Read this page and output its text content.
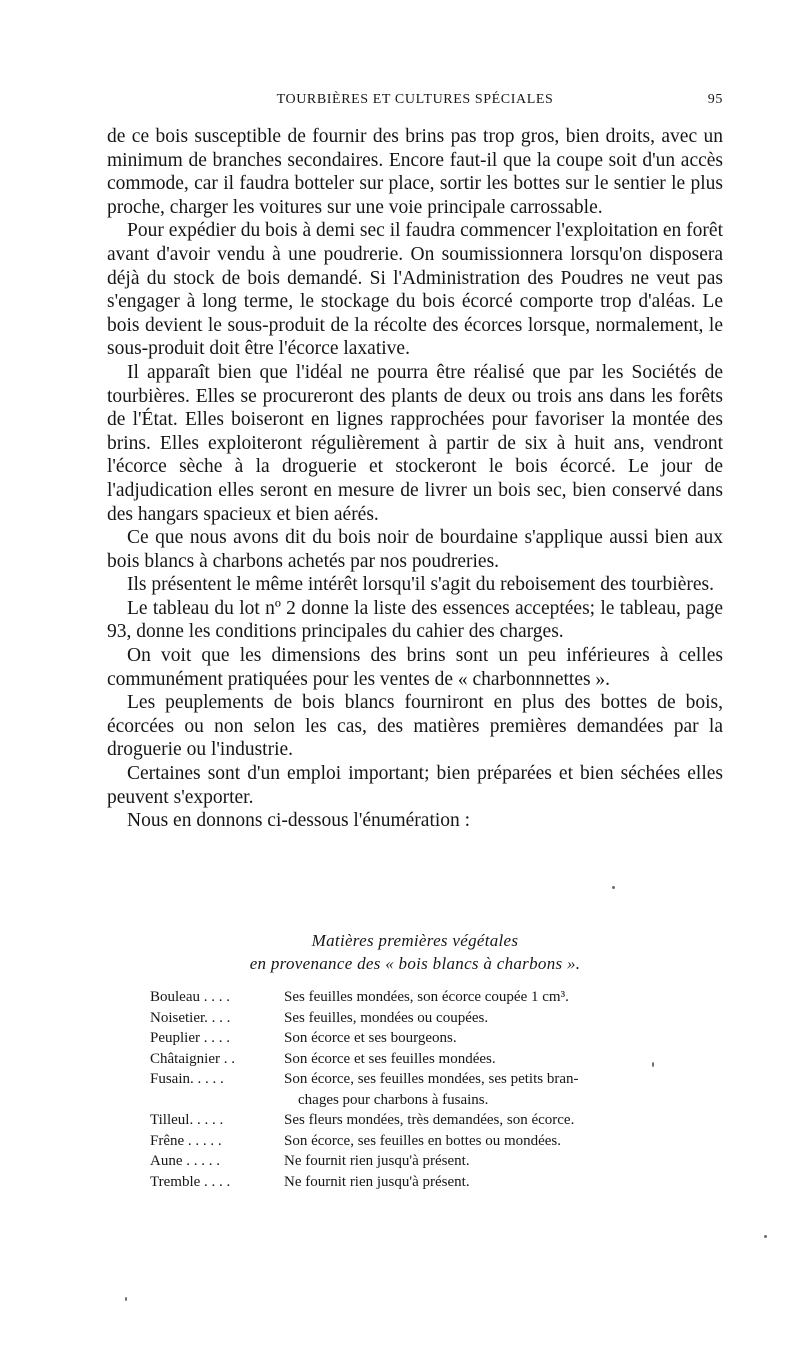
TOURBIÈRES ET CULTURES SPÉCIALES	95

de ce bois susceptible de fournir des brins pas trop gros, bien droits, avec un minimum de branches secondaires. Encore faut-il que la coupe soit d'un accès commode, car il faudra botteler sur place, sortir les bottes sur le sentier le plus proche, charger les voitures sur une voie principale carrossable.

Pour expédier du bois à demi sec il faudra commencer l'exploitation en forêt avant d'avoir vendu à une poudrerie. On soumissionnera lorsqu'on disposera déjà du stock de bois demandé. Si l'Administration des Poudres ne veut pas s'engager à long terme, le stockage du bois écorcé comporte trop d'aléas. Le bois devient le sous-produit de la récolte des écorces lorsque, normalement, le sous-produit doit être l'écorce laxative.

Il apparaît bien que l'idéal ne pourra être réalisé que par les Sociétés de tourbières. Elles se procureront des plants de deux ou trois ans dans les forêts de l'État. Elles boiseront en lignes rapprochées pour favoriser la montée des brins. Elles exploiteront régulièrement à partir de six à huit ans, vendront l'écorce sèche à la droguerie et stockeront le bois écorcé. Le jour de l'adjudication elles seront en mesure de livrer un bois sec, bien conservé dans des hangars spacieux et bien aérés.

Ce que nous avons dit du bois noir de bourdaine s'applique aussi bien aux bois blancs à charbons achetés par nos poudreries.

Ils présentent le même intérêt lorsqu'il s'agit du reboisement des tourbières.

Le tableau du lot nº 2 donne la liste des essences acceptées; le tableau, page 93, donne les conditions principales du cahier des charges.

On voit que les dimensions des brins sont un peu inférieures à celles communément pratiquées pour les ventes de « charbonnnettes ».

Les peuplements de bois blancs fourniront en plus des bottes de bois, écorcées ou non selon les cas, des matières premières demandées par la droguerie ou l'industrie.

Certaines sont d'un emploi important; bien préparées et bien séchées elles peuvent s'exporter.

Nous en donnons ci-dessous l'énumération :

Matières premières végétales
en provenance des « bois blancs à charbons ».
Bouleau . . . .	Ses feuilles mondées, son écorce coupée 1 cm³.
Noisetier. . . .	Ses feuilles, mondées ou coupées.
Peuplier . . . .	Son écorce et ses bourgeons.
Châtaignier . .	Son écorce et ses feuilles mondées.
Fusain. . . . .	Son écorce, ses feuilles mondées, ses petits bran-
chages pour charbons à fusains.
Tilleul. . . . .	Ses fleurs mondées, très demandées, son écorce.
Frêne . . . . .	Son écorce, ses feuilles en bottes ou mondées.
Aune . . . . .	Ne fournit rien jusqu'à présent.
Tremble . . . .	Ne fournit rien jusqu'à présent.
